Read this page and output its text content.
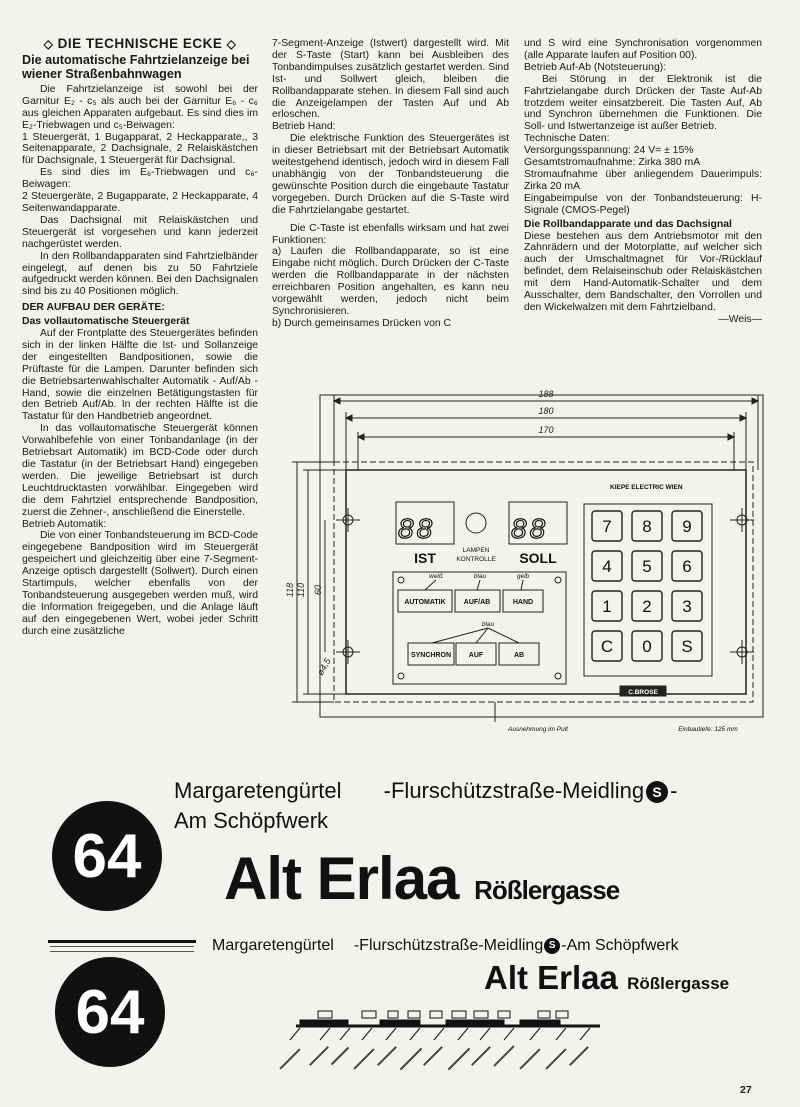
◇ DIE TECHNISCHE ECKE ◇
Die automatische Fahrtzielanzeige bei wiener Straßenbahnwagen

Die Fahrtzielanzeige ist sowohl bei der Garnitur E₂ - c₅ als auch bei der Garnitur E₆ - c₆ aus gleichen Apparaten aufgebaut. Es sind dies im E₂-Triebwagen und c₅-Beiwagen:

1 Steuergerät, 1 Bugapparat, 2 Heckapparate,, 3 Seitenapparate, 2 Dachsignale, 2 Relaiskästchen für Dachsignale, 1 Steuergerät für Dachsignal.

Es sind dies im E₆-Triebwagen und c₆-Beiwagen:

2 Steuergeräte, 2 Bugapparate, 2 Heckapparate, 4 Seitenwandapparate.

Das Dachsignal mit Relaiskästchen und Steuergerät ist vorgesehen und kann jederzeit nachgerüstet werden.

In den Rollbandapparaten sind Fahrtzielbänder eingelegt, auf denen bis zu 50 Fahrtziele aufgedruckt werden können. Bei den Dachsignalen sind bis zu 40 Positionen möglich.

DER AUFBAU DER GERÄTE:
Das vollautomatische Steuergerät

Auf der Frontplatte des Steuergerätes befinden sich in der linken Hälfte die Ist- und Sollanzeige der eingestellten Bandpositionen, sowie die Prüftaste für die Lampen. Darunter befinden sich die Betriebsartenwahlschalter Automatik - Auf/Ab - Hand, sowie die einzelnen Betätigungstasten für den Betrieb Auf/Ab. In der rechten Hälfte ist die Tastatur für den Handbetrieb angeordnet.

In das vollautomatische Steuergerät können Vorwahlbefehle von einer Tonbandanlage (in der Betriebsart Automatik) im BCD-Code oder durch die Tastatur (in der Betriebsart Hand) eingegeben werden. Die jeweilige Betriebsart ist durch Leuchtdrucktasten vorwählbar. Eingegeben wird die dem Fahrtziel entsprechende Bandposition, zuerst die Zehner-, anschließend die Einerstelle.

Betrieb Automatik:

Die von einer Tonbandsteuerung im BCD-Code eingegebene Bandposition wird im Steuergerät gespeichert und gleichzeitig über eine 7-Segment-Anzeige optisch dargestellt (Sollwert). Durch einen Startimpuls, welcher ebenfalls von der Tonbandsteuerung ausgegeben werden muß, wird die Information freigegeben, und die Anlage läuft auf den eingegebenen Wert, wobei jeder Schritt durch eine zusätzliche

7-Segment-Anzeige (Istwert) dargestellt wird. Mit der S-Taste (Start) kann bei Ausbleiben des Tonbandimpulses zusätzlich gestartet werden. Sind Ist- und Sollwert gleich, bleiben die Rollbandapparate stehen. In diesem Fall sind auch die Anzeigelampen der Tasten Auf und Ab erloschen.

Betrieb Hand:

Die elektrische Funktion des Steuergerätes ist in dieser Betriebsart mit der Betriebsart Automatik weitestgehend identisch, jedoch wird in diesem Fall unabhängig von der Tonbandsteuerung die gewünschte Position durch die eingebaute Tastatur vorgegeben. Durch Drücken auf die S-Taste wird die Fahrtzielangabe gestartet.

Die C-Taste ist ebenfalls wirksam und hat zwei Funktionen:

a) Laufen die Rollbandapparate, so ist eine Eingabe nicht möglich. Durch Drücken der C-Taste werden die Rollbandapparate in der nächsten erreichbaren Position angehalten, es kann neu vorgewählt werden, jedoch nicht beim Synchronisieren.

b) Durch gemeinsames Drücken von C

und S wird eine Synchronisation vorgenommen (alle Apparate laufen auf Position 00).

Betrieb Auf-Ab (Notsteuerung):

Bei Störung in der Elektronik ist die Fahrtzielangabe durch Drücken der Taste Auf-Ab trotzdem weiter einsatzbereit. Die Tasten Auf, Ab und Synchron übernehmen die Funktionen. Die Soll- und Istwertanzeige ist außer Betrieb.

Technische Daten:

Versorgungsspannung: 24 V= ± 15%

Gesamtstromaufnahme: Zirka 380 mA

Stromaufnahme über anliegendem Dauerimpuls: Zirka 20 mA

Eingabeimpulse von der Tonbandsteuerung: H-Signale (CMOS-Pegel)

Die Rollbandapparate und das Dachsignal

Diese bestehen aus dem Antriebsmotor mit den Zahnrädern und der Motorplatte, auf welcher sich auch der Umschaltmagnet für Vor-/Rücklauf befindet, dem Relaiseinschub oder Relaiskästchen mit dem Hand-Automatik-Schalter und dem Ausschalter, dem Bandschalter, den Vorrollen und den Wickelwalzen mit dem Fahrtzielband.

—Weis—

7 8 9
4 5 6
1 2 3
C 0 S
188
180
170
118 110 60
ø4,5
KIEPE ELECTRIC WIEN
88	88
IST	SOLL
LAMPEN
KONTROLLE
weiß	blau	gelb
blau
AUTOMATIK	AUF/AB	HAND
SYNCHRON	AUF	AB
C.BROSE
Ausnehmung im Pult	Einbautiefe: 125 mm
64
Margaretengürtel -Flurschützstraße-Meidling S -
Am Schöpfwerk
Alt Erlaa Rößlergasse
64
Margaretengürtel -Flurschützstraße-Meidling S -Am Schöpfwerk
Alt Erlaa Rößlergasse
27
